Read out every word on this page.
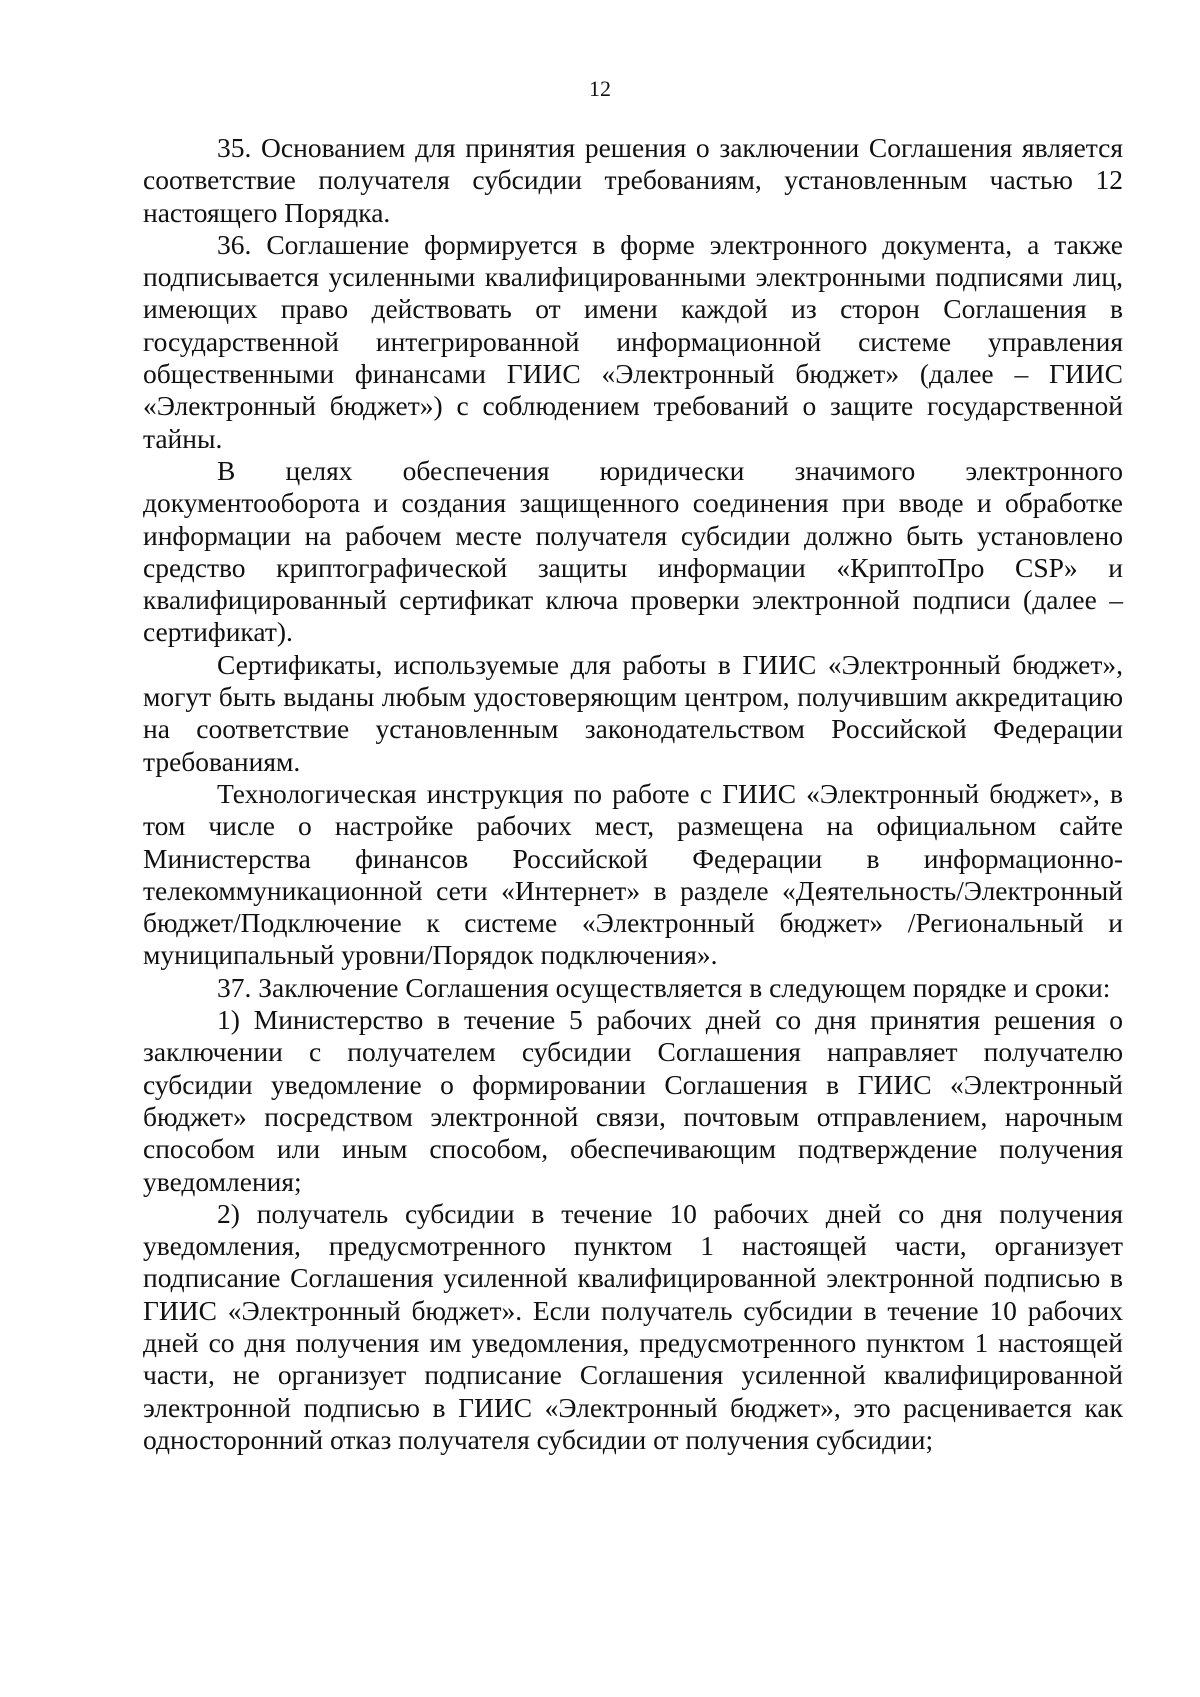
12

35. Основанием для принятия решения о заключении Соглашения является соответствие получателя субсидии требованиям, установленным частью 12 настоящего Порядка.

36. Соглашение формируется в форме электронного документа, а также подписывается усиленными квалифицированными электронными подписями лиц, имеющих право действовать от имени каждой из сторон Соглашения в государственной интегрированной информационной системе управления общественными финансами ГИИС «Электронный бюджет» (далее – ГИИС «Электронный бюджет») с соблюдением требований о защите государственной тайны.

В целях обеспечения юридически значимого электронного документооборота и создания защищенного соединения при вводе и обработке информации на рабочем месте получателя субсидии должно быть установлено средство криптографической защиты информации «КриптоПро CSP» и квалифицированный сертификат ключа проверки электронной подписи (далее – сертификат).

Сертификаты, используемые для работы в ГИИС «Электронный бюджет», могут быть выданы любым удостоверяющим центром, получившим аккредитацию на соответствие установленным законодательством Российской Федерации требованиям.

Технологическая инструкция по работе с ГИИС «Электронный бюджет», в том числе о настройке рабочих мест, размещена на официальном сайте Министерства финансов Российской Федерации в информационно-телекоммуникационной сети «Интернет» в разделе «Деятельность/Электронный бюджет/Подключение к системе «Электронный бюджет» /Региональный и муниципальный уровни/Порядок подключения».

37. Заключение Соглашения осуществляется в следующем порядке и сроки:

1) Министерство в течение 5 рабочих дней со дня принятия решения о заключении с получателем субсидии Соглашения направляет получателю субсидии уведомление о формировании Соглашения в ГИИС «Электронный бюджет» посредством электронной связи, почтовым отправлением, нарочным способом или иным способом, обеспечивающим подтверждение получения уведомления;

2) получатель субсидии в течение 10 рабочих дней со дня получения уведомления, предусмотренного пунктом 1 настоящей части, организует подписание Соглашения усиленной квалифицированной электронной подписью в ГИИС «Электронный бюджет». Если получатель субсидии в течение 10 рабочих дней со дня получения им уведомления, предусмотренного пунктом 1 настоящей части, не организует подписание Соглашения усиленной квалифицированной электронной подписью в ГИИС «Электронный бюджет», это расценивается как односторонний отказ получателя субсидии от получения субсидии;
